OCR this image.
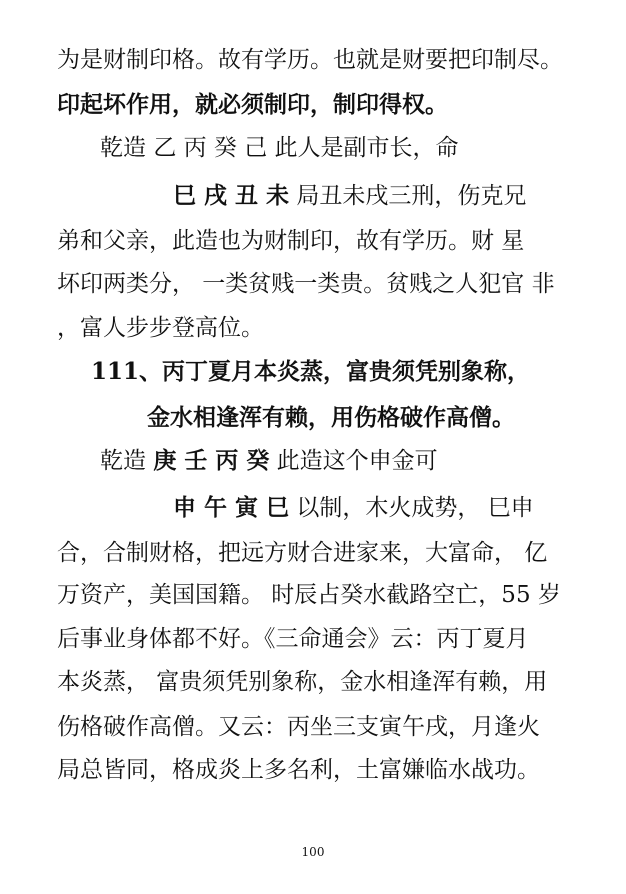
为是财制印格。故有学历。也就是财要把印制尽。
印起坏作用，就必须制印，制印得权。
乾造 乙 丙 癸 己 此人是副市长，命
巳 戌 丑 未 局丑未戌三刑，伤克兄
弟和父亲，此造也为财制印，故有学历。财 星
坏印两类分， 一类贫贱一类贵。贫贱之人犯官 非
，富人步步登高位。
111、丙丁夏月本炎蒸，富贵须凭别象称，
金水相逢浑有赖，用伤格破作高僧。
乾造 庚 壬 丙 癸 此造这个申金可
申 午 寅 巳 以制，木火成势， 巳申
合，合制财格，把远方财合进家来，大富命， 亿
万资产，美国国籍。 时辰占癸水截路空亡，55 岁
后事业身体都不好。《三命通会》云：丙丁夏月
本炎蒸， 富贵须凭别象称，金水相逢浑有赖，用
伤格破作高僧。又云：丙坐三支寅午戌，月逢火
局总皆同，格成炎上多名利，土富嫌临水战功。
100
